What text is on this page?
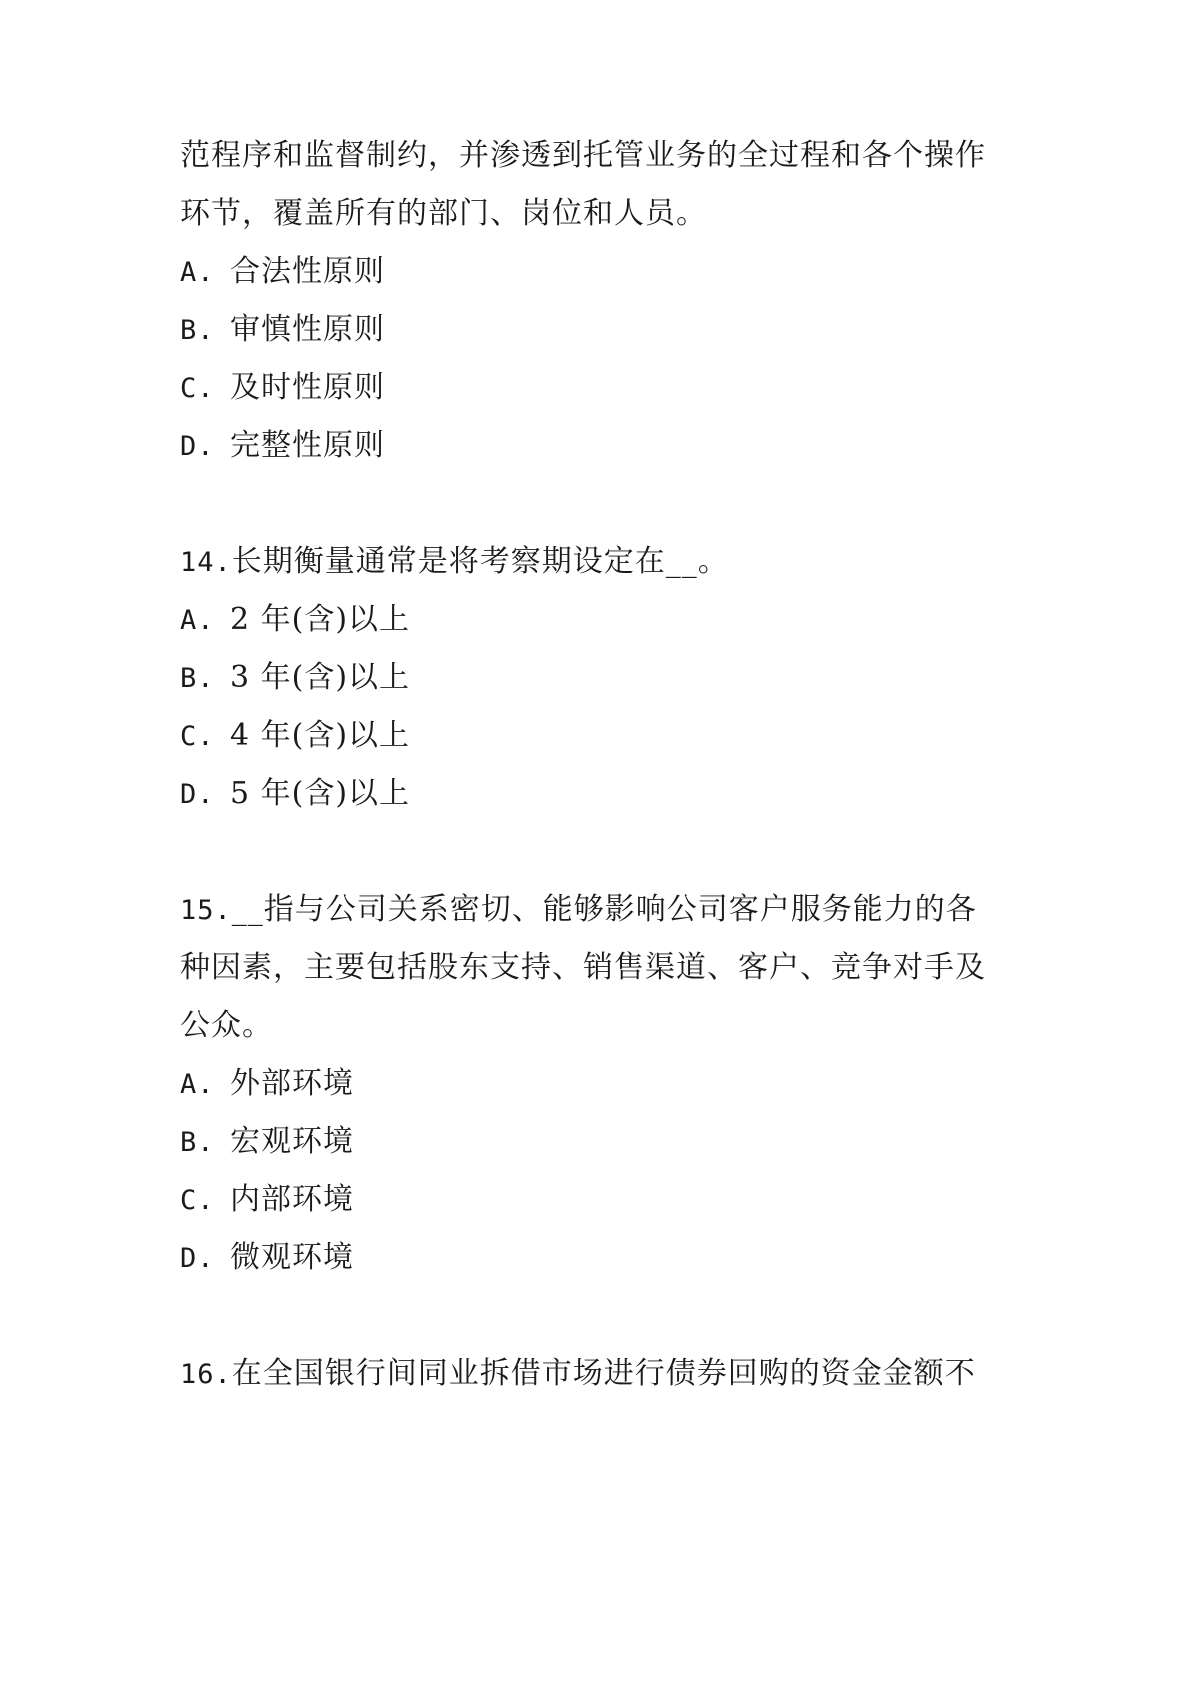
范程序和监督制约，并渗透到托管业务的全过程和各个操作
环节，覆盖所有的部门、岗位和人员。
A. 合法性原则
B. 审慎性原则
C. 及时性原则
D. 完整性原则
14.长期衡量通常是将考察期设定在__。
A. 2 年(含)以上
B. 3 年(含)以上
C. 4 年(含)以上
D. 5 年(含)以上
15.__指与公司关系密切、能够影响公司客户服务能力的各
种因素，主要包括股东支持、销售渠道、客户、竞争对手及
公众。
A. 外部环境
B. 宏观环境
C. 内部环境
D. 微观环境
16.在全国银行间同业拆借市场进行债券回购的资金金额不
